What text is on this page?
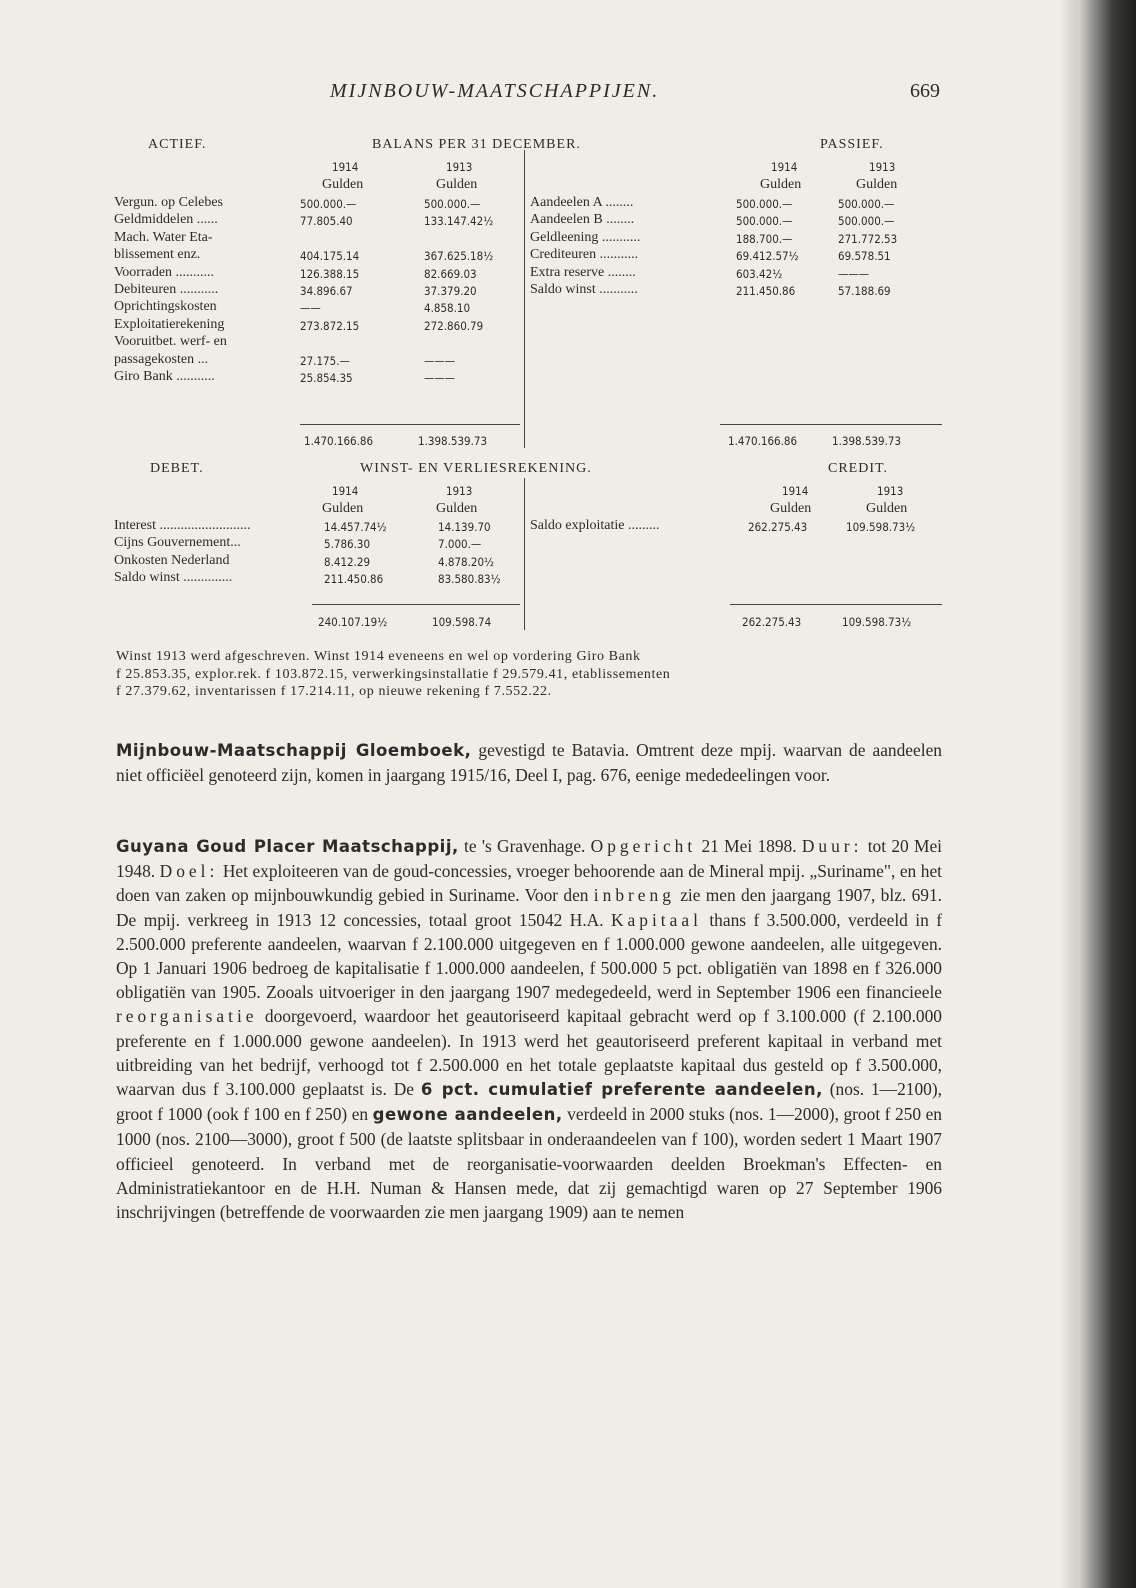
MIJNBOUW-MAATSCHAPPIJEN.	669
ACTIEF.	BALANS PER 31 DECEMBER.	PASSIEF.
1914	1913
Gulden	Gulden
1914	1913
Gulden	Gulden
Vergun. op Celebes	500.000.—	500.000.—
Geldmiddelen ......	77.805.40	133.147.42½
Mach. Water Eta-
blissement enz.	404.175.14	367.625.18½
Voorraden ...........	126.388.15	82.669.03
Debiteuren ...........	34.896.67	37.379.20
Oprichtingskosten	——	4.858.10
Exploitatierekening	273.872.15	272.860.79
Vooruitbet. werf- en
passagekosten ...	27.175.—	———
Giro Bank ...........	25.854.35	———
Aandeelen A ........	500.000.—	500.000.—
Aandeelen B ........	500.000.—	500.000.—
Geldleening ...........	188.700.—	271.772.53
Crediteuren ...........	69.412.57½	69.578.51
Extra reserve ........	603.42½	———
Saldo winst ...........	211.450.86	57.188.69
1.470.166.86	1.398.539.73	1.470.166.86	1.398.539.73
DEBET.	WINST- EN VERLIESREKENING.	CREDIT.
1914	1913
Gulden	Gulden
1914	1913
Gulden	Gulden
Interest ..........................	14.457.74½	14.139.70
Cijns Gouvernement...	5.786.30	7.000.—
Onkosten Nederland	8.412.29	4.878.20½
Saldo winst ..............	211.450.86	83.580.83½
Saldo exploitatie .........	262.275.43	109.598.73½
240.107.19½	109.598.74	262.275.43	109.598.73½
Winst 1913 werd afgeschreven. Winst 1914 eveneens en wel op vordering Giro Bank
f 25.853.35, explor.rek. f 103.872.15, verwerkingsinstallatie f 29.579.41, etablissementen
f 27.379.62, inventarissen f 17.214.11, op nieuwe rekening f 7.552.22.
Mijnbouw-Maatschappij Gloemboek, gevestigd te Batavia. Omtrent deze mpij. waarvan de aandeelen niet officiëel genoteerd zijn, komen in jaargang 1915/16, Deel I, pag. 676, eenige mededeelingen voor.
Guyana Goud Placer Maatschappij, te 's Gravenhage. Opgericht 21 Mei 1898. Duur: tot 20 Mei 1948. Doel: Het exploiteeren van de goud-concessies, vroeger behoorende aan de Mineral mpij. „Suriname", en het doen van zaken op mijnbouwkundig gebied in Suriname. Voor den inbreng zie men den jaargang 1907, blz. 691. De mpij. verkreeg in 1913 12 concessies, totaal groot 15042 H.A. Kapitaal thans f 3.500.000, verdeeld in f 2.500.000 preferente aandeelen, waarvan f 2.100.000 uitgegeven en f 1.000.000 gewone aandeelen, alle uitgegeven. Op 1 Januari 1906 bedroeg de kapitalisatie f 1.000.000 aandeelen, f 500.000 5 pct. obligatiën van 1898 en f 326.000 obligatiën van 1905. Zooals uitvoeriger in den jaargang 1907 medegedeeld, werd in September 1906 een financieele reorganisatie doorgevoerd, waardoor het geautoriseerd kapitaal gebracht werd op f 3.100.000 (f 2.100.000 preferente en f 1.000.000 gewone aandeelen). In 1913 werd het geautoriseerd preferent kapitaal in verband met uitbreiding van het bedrijf, verhoogd tot f 2.500.000 en het totale geplaatste kapitaal dus gesteld op f 3.500.000, waarvan dus f 3.100.000 geplaatst is. De 6 pct. cumulatief preferente aandeelen, (nos. 1—2100), groot f 1000 (ook f 100 en f 250) en gewone aandeelen, verdeeld in 2000 stuks (nos. 1—2000), groot f 250 en 1000 (nos. 2100—3000), groot f 500 (de laatste splitsbaar in onderaandeelen van f 100), worden sedert 1 Maart 1907 officieel genoteerd. In verband met de reorganisatie-voorwaarden deelden Broekman's Effecten- en Administratiekantoor en de H.H. Numan & Hansen mede, dat zij gemachtigd waren op 27 September 1906 inschrijvingen (betreffende de voorwaarden zie men jaargang 1909) aan te nemen
